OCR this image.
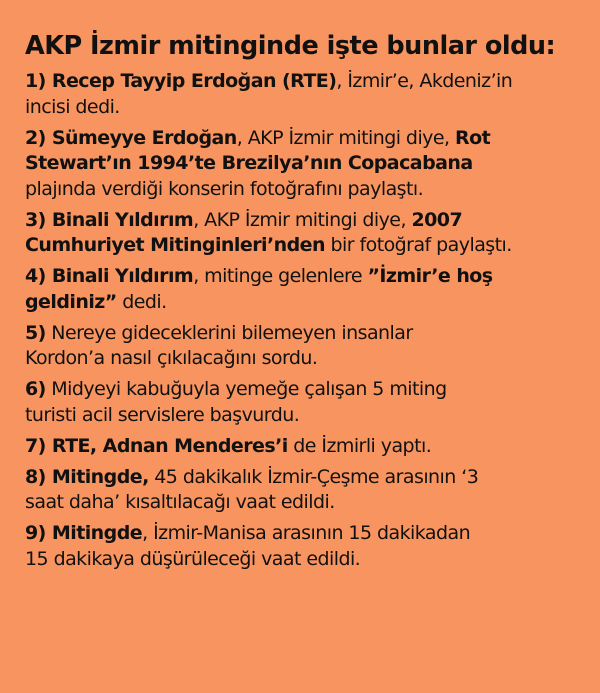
AKP İzmir mitinginde işte bunlar oldu:
1) Recep Tayyip Erdoğan (RTE), İzmir’e, Akdeniz’in
incisi dedi.
2) Sümeyye Erdoğan, AKP İzmir mitingi diye, Rot
Stewart’ın 1994’te Brezilya’nın Copacabana
plajında verdiği konserin fotoğrafını paylaştı.
3) Binali Yıldırım, AKP İzmir mitingi diye, 2007
Cumhuriyet Mitinginleri’nden bir fotoğraf paylaştı.
4) Binali Yıldırım, mitinge gelenlere ”İzmir’e hoş
geldiniz” dedi.
5) Nereye gideceklerini bilemeyen insanlar
Kordon’a nasıl çıkılacağını sordu.
6) Midyeyi kabuğuyla yemeğe çalışan 5 miting
turisti acil servislere başvurdu.
7) RTE, Adnan Menderes’i de İzmirli yaptı.
8) Mitingde, 45 dakikalık İzmir-Çeşme arasının ‘3
saat daha’ kısaltılacağı vaat edildi.
9) Mitingde, İzmir-Manisa arasının 15 dakikadan
15 dakikaya düşürüleceği vaat edildi.
